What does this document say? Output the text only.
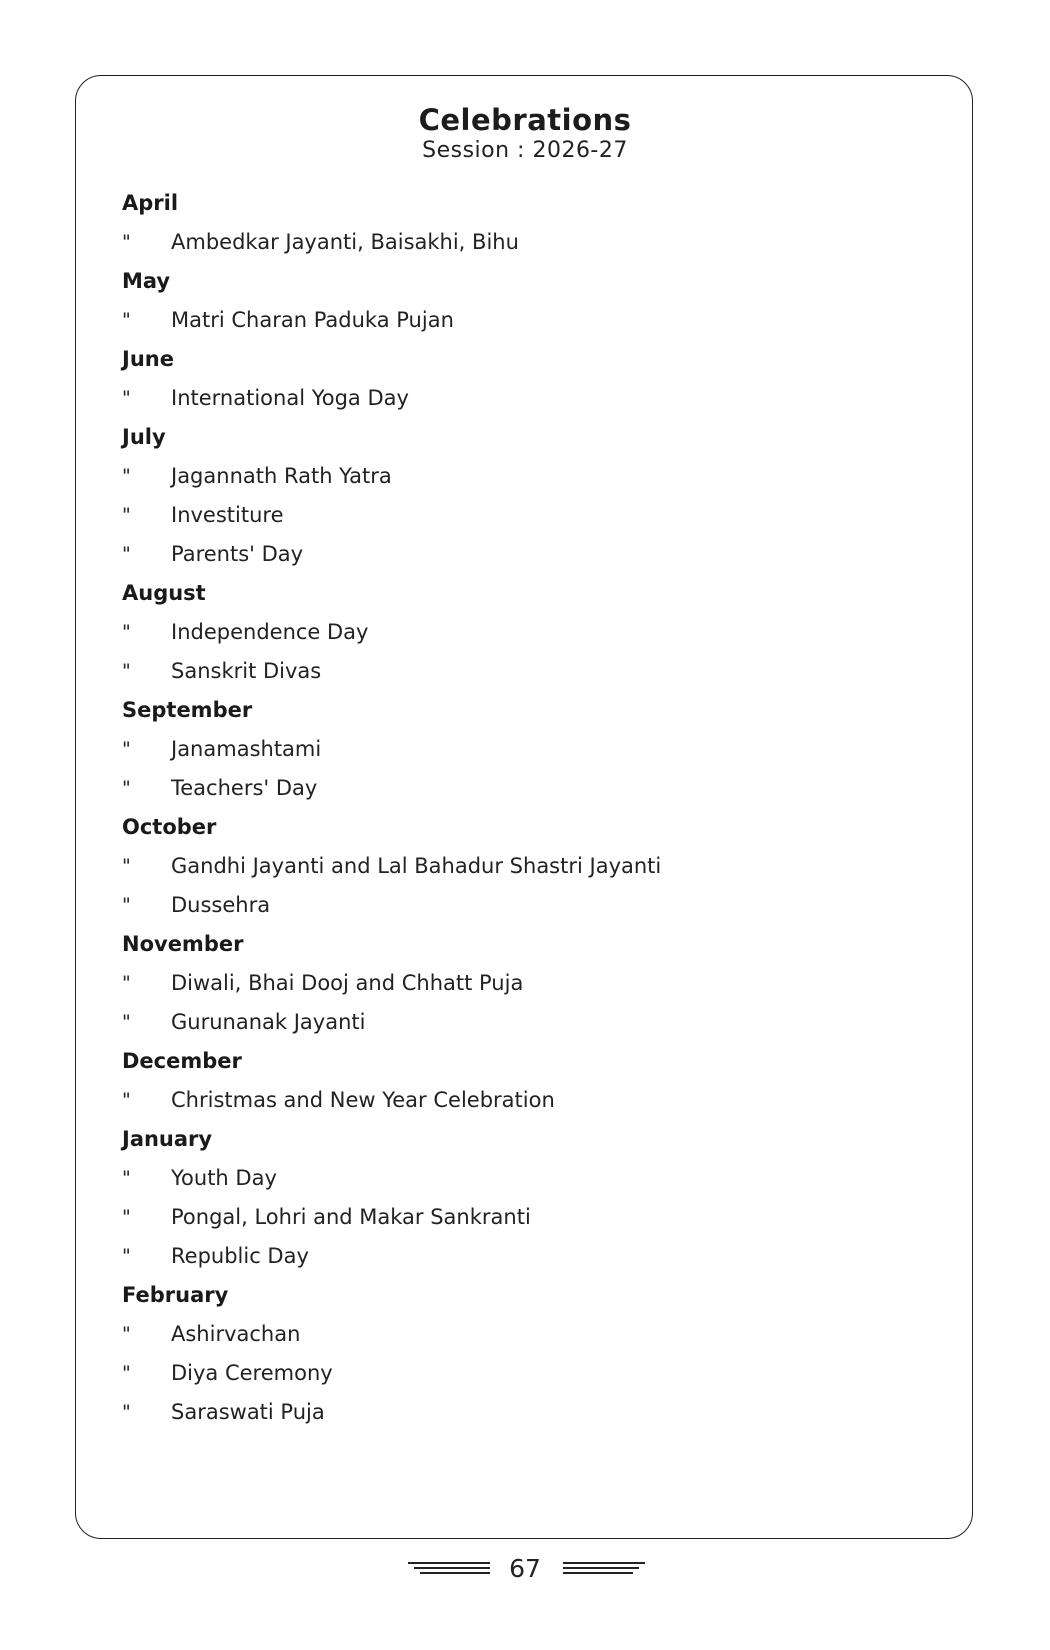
Celebrations
Session : 2026-27
April
" Ambedkar Jayanti, Baisakhi, Bihu
May
" Matri Charan Paduka Pujan
June
" International Yoga Day
July
" Jagannath Rath Yatra
" Investiture
" Parents' Day
August
" Independence Day
" Sanskrit Divas
September
" Janamashtami
" Teachers' Day
October
" Gandhi Jayanti and Lal Bahadur Shastri Jayanti
" Dussehra
November
" Diwali, Bhai Dooj and Chhatt Puja
" Gurunanak Jayanti
December
" Christmas and New Year Celebration
January
" Youth Day
" Pongal, Lohri and Makar Sankranti
" Republic Day
February
" Ashirvachan
" Diya Ceremony
" Saraswati Puja
67
